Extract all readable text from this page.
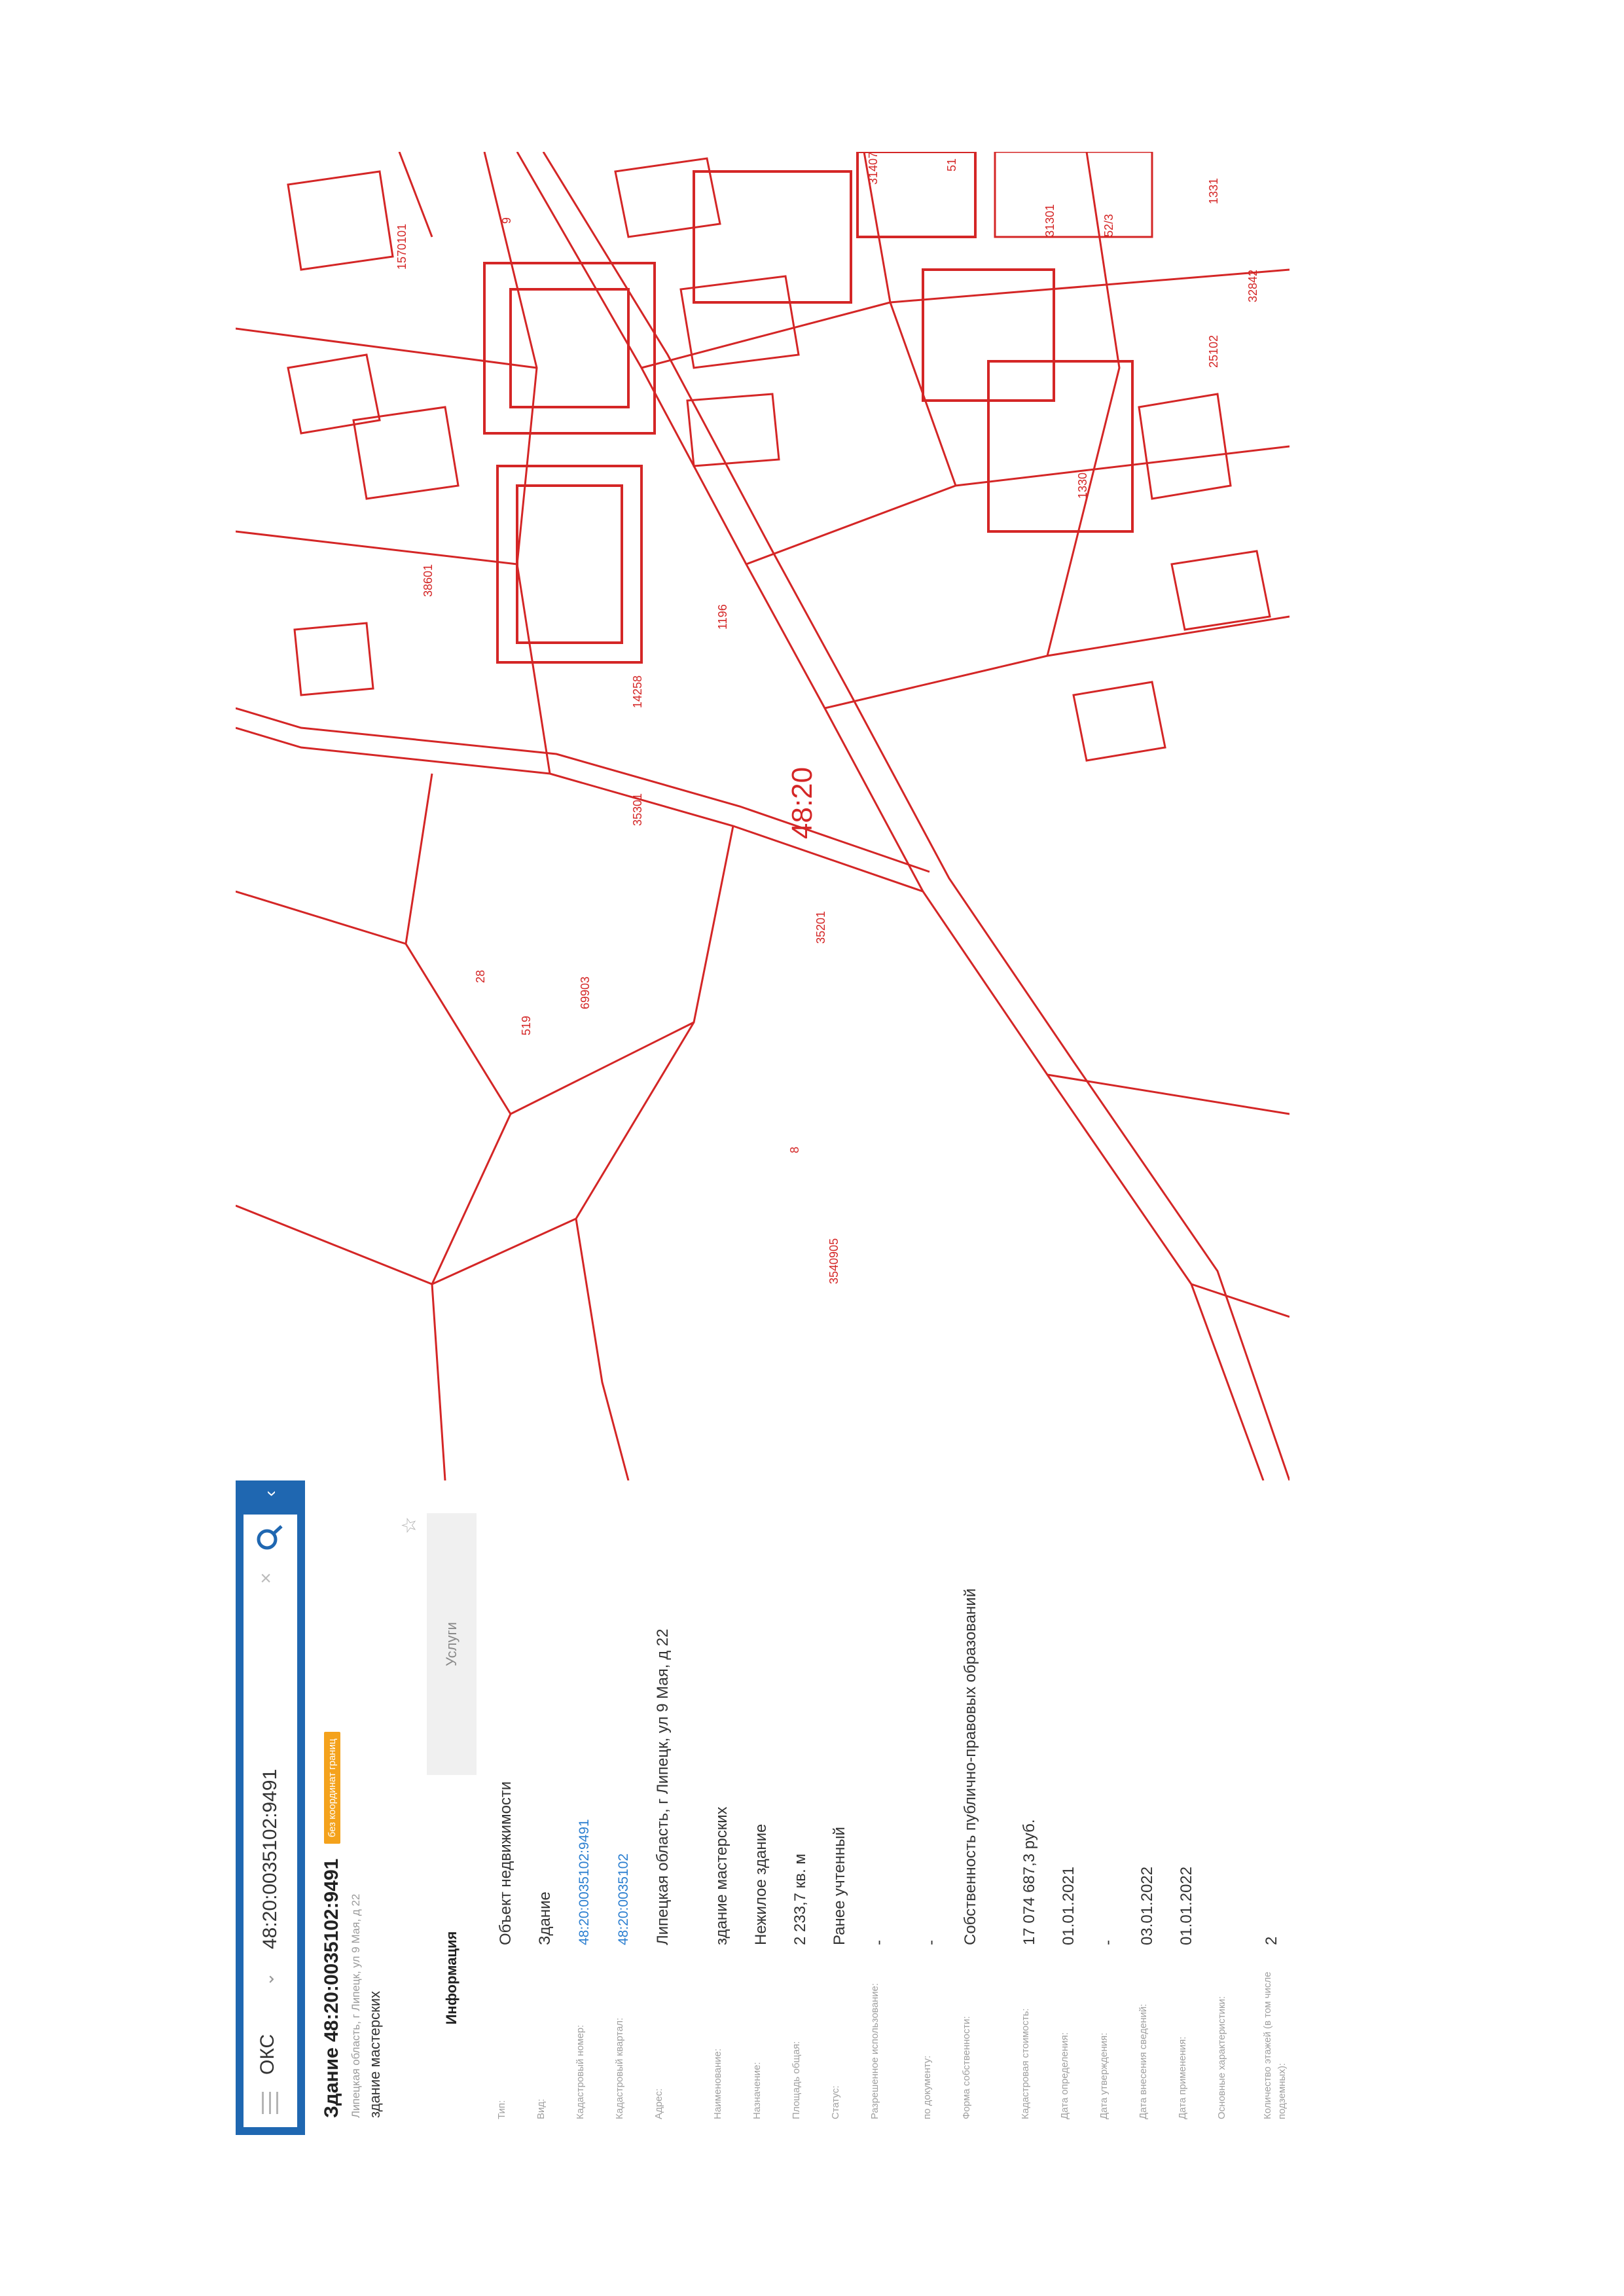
ОКС
⌄
48:20:0035102:9491
×
‹
Здание 48:20:0035102:9491 без координат границ
Липецкая область, г Липецк, ул 9 Мая, д 22 здание мастерских
☆
Информация
Услуги
Тип:
Объект недвижимости
Вид:
Здание
Кадастровый номер:
48:20:0035102:9491
Кадастровый квартал:
48:20:0035102
Адрес:
Липецкая область, г Липецк, ул 9 Мая, д 22
Наименование:
здание мастерских
Назначение:
Нежилое здание
Площадь общая:
2 233,7 кв. м
Статус:
Ранее учтенный
Разрешенное использование:
-
по документу:
-
Форма собственности:
Собственность публично-правовых образований
Кадастровая стоимость:
17 074 687,3 руб.
Дата определения:
01.01.2021
Дата утверждения:
-
Дата внесения сведений:
03.01.2022
Дата применения:
01.01.2022
Основные характеристики:	Количество этажей (в том числе подземных):
2
48:20
35301
35201
25102
31407
31301
14258
38601
1330
1331
32842
1196
9
8
51
52/3
28
519
1570101
3540905
69903
